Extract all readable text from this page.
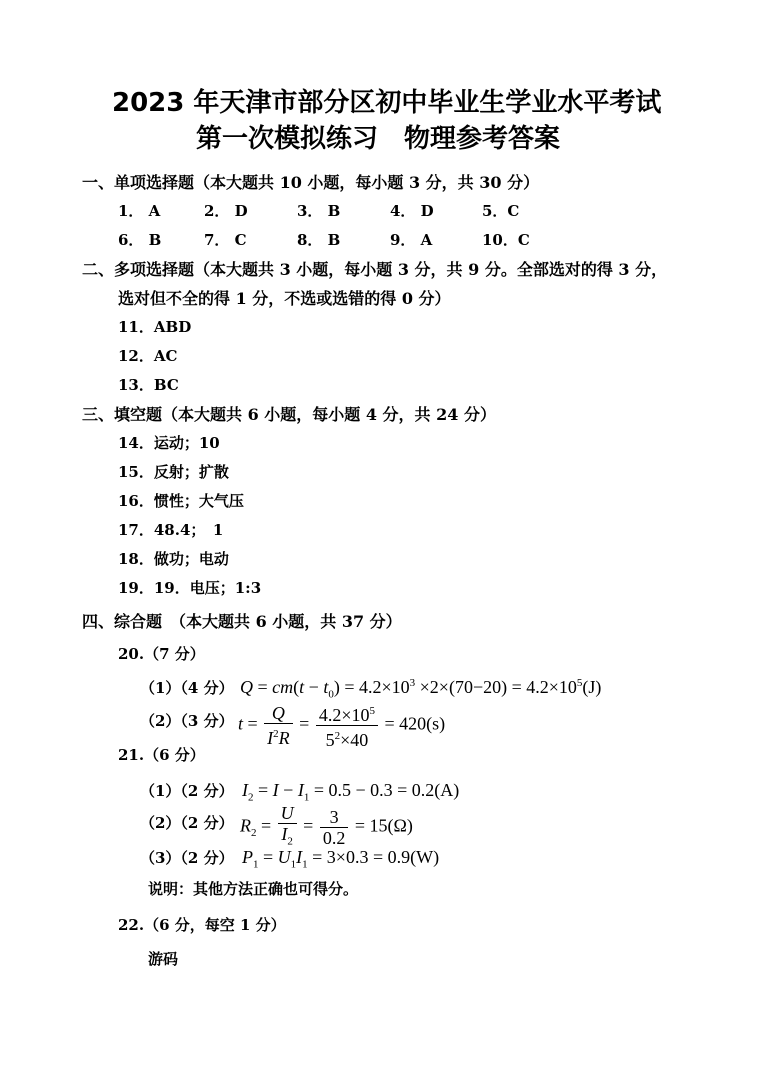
2023 年天津市部分区初中毕业生学业水平考试
第一次模拟练习　物理参考答案
一、单项选择题（本大题共 10 小题，每小题 3 分，共 30 分）
1． A	2． D	3． B	4． D	5．C
6． B	7． C	8． B	9． A	10．C
二、多项选择题（本大题共 3 小题，每小题 3 分，共 9 分。全部选对的得 3 分，
选对但不全的得 1 分，不选或选错的得 0 分）
11．ABD
12．AC
13．BC
三、填空题（本大题共 6 小题，每小题 4 分，共 24 分）
14．运动；10
15．反射；扩散
16．惯性；大气压
17．48.4；　1
18．做功；电动
19．19．电压；1:3
四、综合题　（本大题共 6 小题，共 37 分）
20.（7 分）
（1）（4 分） $Q = cm(t - t_0) = 4.2\times 10^3 \times 2\times(70-20) = 4.2\times 10^5(J)$
（2）（3 分） $t = \frac{Q}{I^2R} = \frac{4.2\times 10^5}{5^2\times 40} = 420(s)$
21.（6 分）
（1）（2 分） $I_2 = I - I_1 = 0.5 - 0.3 = 0.2(A)$
（2）（2 分） $R_2 = \frac{U}{I_2} = \frac{3}{0.2} = 15(\Omega)$
（3）（2 分） $P_1 = U_1I_1 = 3\times 0.3 = 0.9(W)$
说明：其他方法正确也可得分。
22.（6 分，每空 1 分）
游码
